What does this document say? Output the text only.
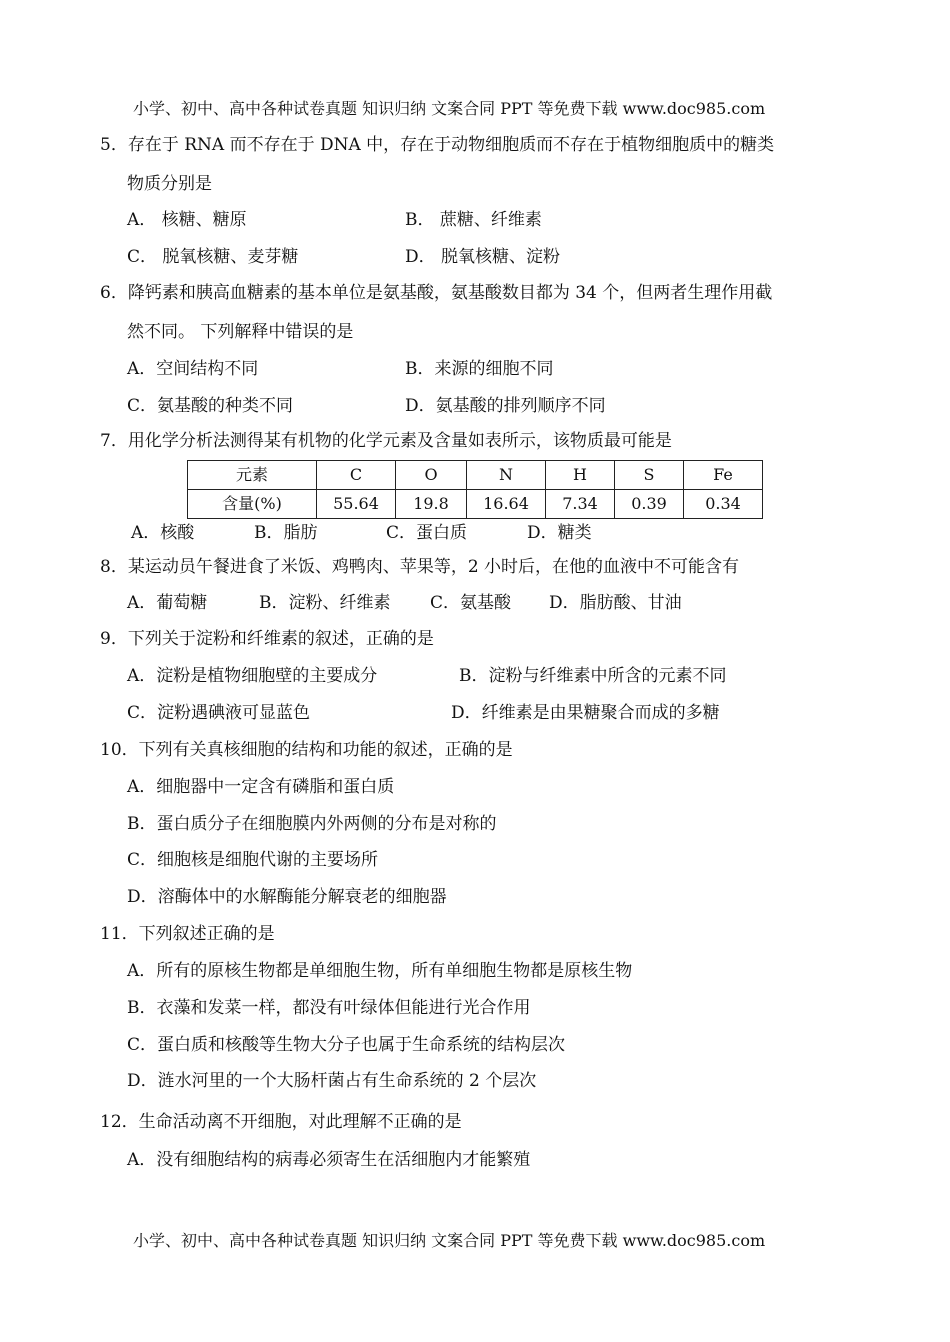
小学、初中、高中各种试卷真题 知识归纳 文案合同 PPT 等免费下载 www.doc985.com
5．存在于 RNA 而不存在于 DNA 中，存在于动物细胞质而不存在于植物细胞质中的糖类
物质分别是
A． 核糖、糖原	B． 蔗糖、纤维素
C． 脱氧核糖、麦芽糖	D． 脱氧核糖、淀粉
6．降钙素和胰高血糖素的基本单位是氨基酸，氨基酸数目都为 34 个，但两者生理作用截
然不同。 下列解释中错误的是
A．空间结构不同	B．来源的细胞不同
C．氨基酸的种类不同	D．氨基酸的排列顺序不同
7．用化学分析法测得某有机物的化学元素及含量如表所示，该物质最可能是
元素	C	O	N	H	S	Fe
含量(%)	55.64	19.8	16.64	7.34	0.39	0.34
A．核酸	B．脂肪	C．蛋白质	D．糖类
8．某运动员午餐进食了米饭、鸡鸭肉、苹果等，2 小时后，在他的血液中不可能含有
A．葡萄糖	B．淀粉、纤维素 C．氨基酸 D．脂肪酸、甘油
9．下列关于淀粉和纤维素的叙述，正确的是
A．淀粉是植物细胞壁的主要成分	B．淀粉与纤维素中所含的元素不同
C．淀粉遇碘液可显蓝色	D．纤维素是由果糖聚合而成的多糖
10．下列有关真核细胞的结构和功能的叙述，正确的是
A．细胞器中一定含有磷脂和蛋白质
B．蛋白质分子在细胞膜内外两侧的分布是对称的
C．细胞核是细胞代谢的主要场所
D．溶酶体中的水解酶能分解衰老的细胞器
11．下列叙述正确的是
A．所有的原核生物都是单细胞生物，所有单细胞生物都是原核生物
B．衣藻和发菜一样，都没有叶绿体但能进行光合作用
C．蛋白质和核酸等生物大分子也属于生命系统的结构层次
D．涟水河里的一个大肠杆菌占有生命系统的 2 个层次
12．生命活动离不开细胞，对此理解不正确的是
A．没有细胞结构的病毒必须寄生在活细胞内才能繁殖
小学、初中、高中各种试卷真题 知识归纳 文案合同 PPT 等免费下载 www.doc985.com
